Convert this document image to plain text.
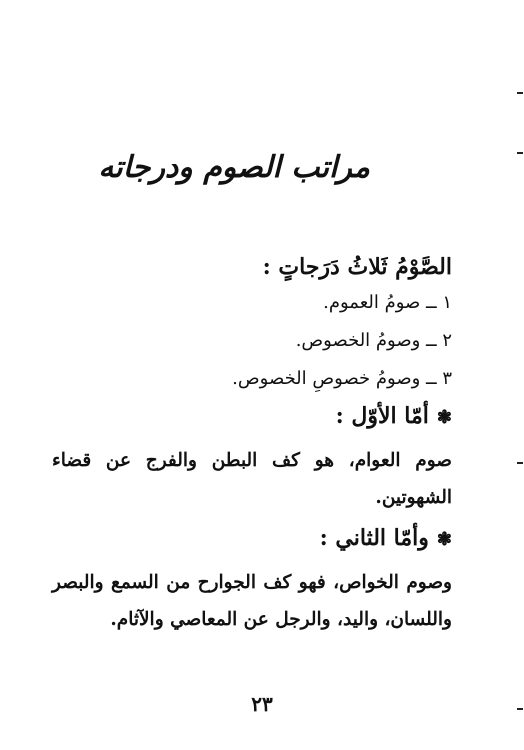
مراتب الصوم ودرجاته
الصَّوْمُ ثَلاثُ دَرَجاتٍ :
١ ــ صومُ العموم.
٢ ــ وصومُ الخصوص.
٣ ــ وصومُ خصوصِ الخصوص.
❃أمّا الأوّل :
صوم العوام، هو كف البطن والفرج عن قضاء الشهوتين.
❃وأمّا الثاني :
وصوم الخواص، فهو كف الجوارح من السمع والبصر واللسان، واليد، والرجل عن المعاصي والآثام.
٢٣
